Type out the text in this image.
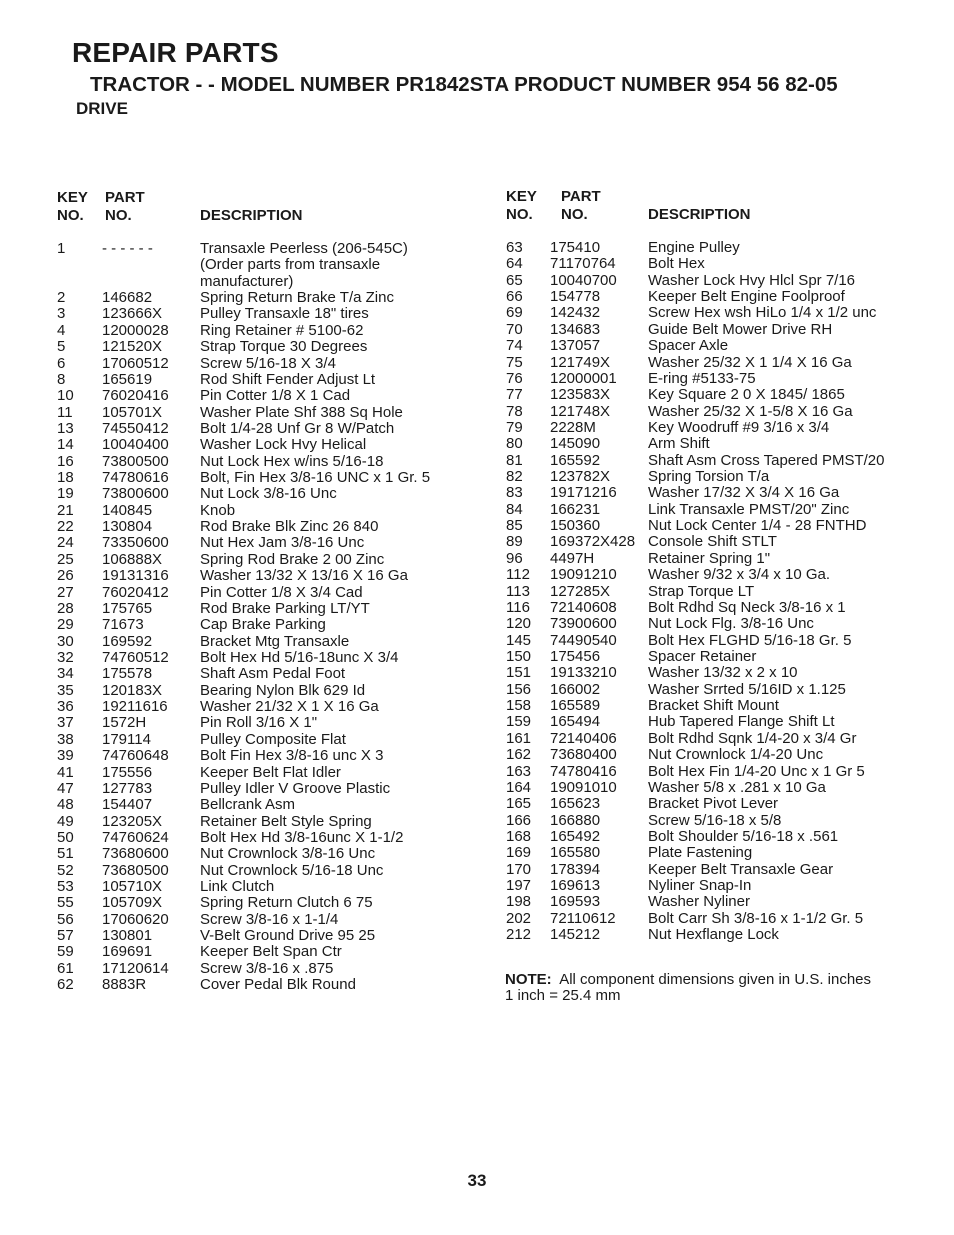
REPAIR PARTS
TRACTOR - - MODEL NUMBER PR1842STA PRODUCT NUMBER 954 56 82-05
DRIVE
KEY
NO.
PART
NO.	DESCRIPTION
1 - - - - - -	Transaxle Peerless (206-545C)
(Order parts from transaxle
manufacturer)
2 146682	Spring Return Brake T/a Zinc
3 123666X	Pulley Transaxle 18" tires
4 12000028 Ring Retainer # 5100-62
5 121520X	Strap Torque 30 Degrees
6 17060512 Screw 5/16-18 X 3/4
8 165619	Rod Shift Fender Adjust Lt
10 76020416 Pin Cotter 1/8 X 1 Cad
11 105701X	Washer Plate Shf 388 Sq Hole
13 74550412 Bolt 1/4-28 Unf Gr 8 W/Patch
14 10040400 Washer Lock Hvy Helical
16 73800500 Nut Lock Hex w/ins 5/16-18
18 74780616 Bolt, Fin Hex 3/8-16 UNC x 1 Gr. 5
19 73800600 Nut Lock 3/8-16 Unc
21 140845	Knob
22 130804	Rod Brake Blk Zinc 26 840
24 73350600 Nut Hex Jam 3/8-16 Unc
25 106888X	Spring Rod Brake 2 00 Zinc
26 19131316 Washer 13/32 X 13/16 X 16 Ga
27 76020412 Pin Cotter 1/8 X 3/4 Cad
28 175765	Rod Brake Parking LT/YT
29 71673	Cap Brake Parking
30 169592	Bracket Mtg Transaxle
32 74760512 Bolt Hex Hd 5/16-18unc X 3/4
34 175578	Shaft Asm Pedal Foot
35 120183X	Bearing Nylon Blk 629 Id
36 19211616 Washer 21/32 X 1 X 16 Ga
37 1572H	Pin Roll 3/16 X 1"
38 179114	Pulley Composite Flat
39 74760648 Bolt Fin Hex 3/8-16 unc X 3
41 175556	Keeper Belt Flat Idler
47 127783	Pulley Idler V Groove Plastic
48 154407	Bellcrank Asm
49 123205X	Retainer Belt Style Spring
50 74760624 Bolt Hex Hd 3/8-16unc X 1-1/2
51 73680600 Nut Crownlock 3/8-16 Unc
52 73680500 Nut Crownlock 5/16-18 Unc
53 105710X	Link Clutch
55 105709X	Spring Return Clutch 6 75
56 17060620 Screw 3/8-16 x 1-1/4
57 130801	V-Belt Ground Drive 95 25
59 169691	Keeper Belt Span Ctr
61 17120614 Screw 3/8-16 x .875
62 8883R	Cover Pedal Blk Round
KEY
NO.
PART
NO.	DESCRIPTION
63 175410	Engine Pulley
64 71170764 Bolt Hex
65 10040700 Washer Lock Hvy Hlcl Spr 7/16
66 154778	Keeper Belt Engine Foolproof
69 142432	Screw Hex wsh HiLo 1/4 x 1/2 unc
70 134683	Guide Belt Mower Drive RH
74 137057	Spacer Axle
75 121749X	Washer 25/32 X 1 1/4 X 16 Ga
76 12000001 E-ring #5133-75
77 123583X	Key Square 2 0 X 1845/ 1865
78 121748X	Washer 25/32 X 1-5/8 X 16 Ga
79 2228M	Key Woodruff #9 3/16 x 3/4
80 145090	Arm Shift
81 165592	Shaft Asm Cross Tapered PMST/20
82 123782X	Spring Torsion T/a
83 19171216 Washer 17/32 X 3/4 X 16 Ga
84 166231	Link Transaxle PMST/20" Zinc
85 150360	Nut Lock Center 1/4 - 28 FNTHD
89 169372X428 Console Shift STLT
96 4497H	Retainer Spring 1"
112 19091210 Washer 9/32 x 3/4 x 10 Ga.
113 127285X	Strap Torque LT
116 72140608 Bolt Rdhd Sq Neck 3/8-16 x 1
120 73900600 Nut Lock Flg. 3/8-16 Unc
145 74490540 Bolt Hex FLGHD 5/16-18 Gr. 5
150 175456	Spacer Retainer
151 19133210 Washer 13/32 x 2 x 10
156 166002	Washer Srrted 5/16ID x 1.125
158 165589	Bracket Shift Mount
159 165494	Hub Tapered Flange Shift Lt
161 72140406 Bolt Rdhd Sqnk 1/4-20 x 3/4 Gr
162 73680400 Nut Crownlock 1/4-20 Unc
163 74780416 Bolt Hex Fin 1/4-20 Unc x 1 Gr 5
164 19091010 Washer 5/8 x .281 x 10 Ga
165 165623	Bracket Pivot Lever
166 166880	Screw 5/16-18 x 5/8
168 165492	Bolt Shoulder 5/16-18 x .561
169 165580	Plate Fastening
170 178394	Keeper Belt Transaxle Gear
197 169613	Nyliner Snap-In
198 169593	Washer Nyliner
202 72110612 Bolt Carr Sh 3/8-16 x 1-1/2 Gr. 5
212 145212	Nut Hexflange Lock
NOTE: All component dimensions given in U.S. inches
1 inch = 25.4 mm
33
